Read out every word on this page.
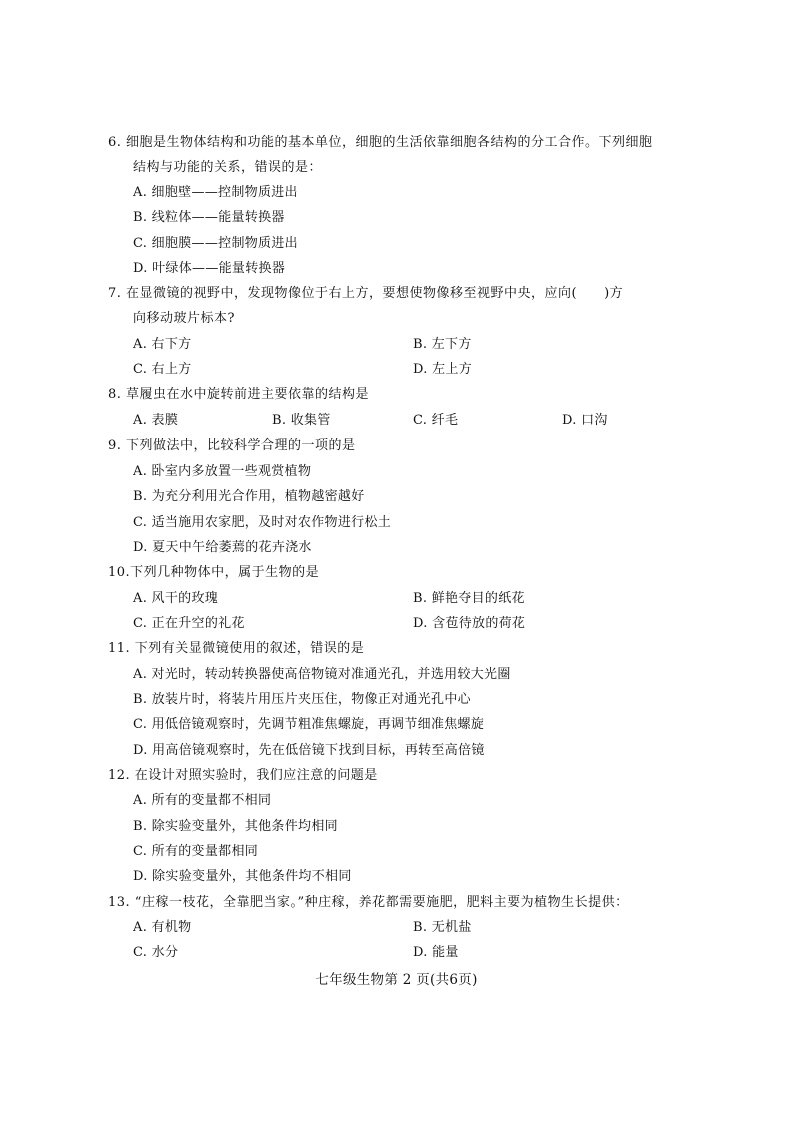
6. 细胞是生物体结构和功能的基本单位，细胞的生活依靠细胞各结构的分工合作。下列细胞
结构与功能的关系，错误的是：
A. 细胞壁——控制物质进出
B. 线粒体——能量转换器
C. 细胞膜——控制物质进出
D. 叶绿体——能量转换器
7. 在显微镜的视野中，发现物像位于右上方，要想使物像移至视野中央，应向(　　)方
向移动玻片标本?
A. 右下方	B. 左下方
C. 右上方	D. 左上方
8. 草履虫在水中旋转前进主要依靠的结构是
A. 表膜	B. 收集管	C. 纤毛	D. 口沟
9. 下列做法中，比较科学合理的一项的是
A. 卧室内多放置一些观赏植物
B. 为充分利用光合作用，植物越密越好
C. 适当施用农家肥，及时对农作物进行松土
D. 夏天中午给萎蔫的花卉浇水
10.下列几种物体中，属于生物的是
A. 风干的玫瑰	B. 鲜艳夺目的纸花
C. 正在升空的礼花	D. 含苞待放的荷花
11. 下列有关显微镜使用的叙述，错误的是
A. 对光时，转动转换器使高倍物镜对准通光孔，并选用较大光圈
B. 放装片时，将装片用压片夹压住，物像正对通光孔中心
C. 用低倍镜观察时，先调节粗准焦螺旋，再调节细准焦螺旋
D. 用高倍镜观察时，先在低倍镜下找到目标，再转至高倍镜
12. 在设计对照实验时，我们应注意的问题是
A. 所有的变量都不相同
B. 除实验变量外，其他条件均相同
C. 所有的变量都相同
D. 除实验变量外，其他条件均不相同
13. “庄稼一枝花，全靠肥当家。”种庄稼，养花都需要施肥，肥料主要为植物生长提供：
A. 有机物	B. 无机盐
C. 水分	D. 能量
七年级生物第 2 页(共6页)
